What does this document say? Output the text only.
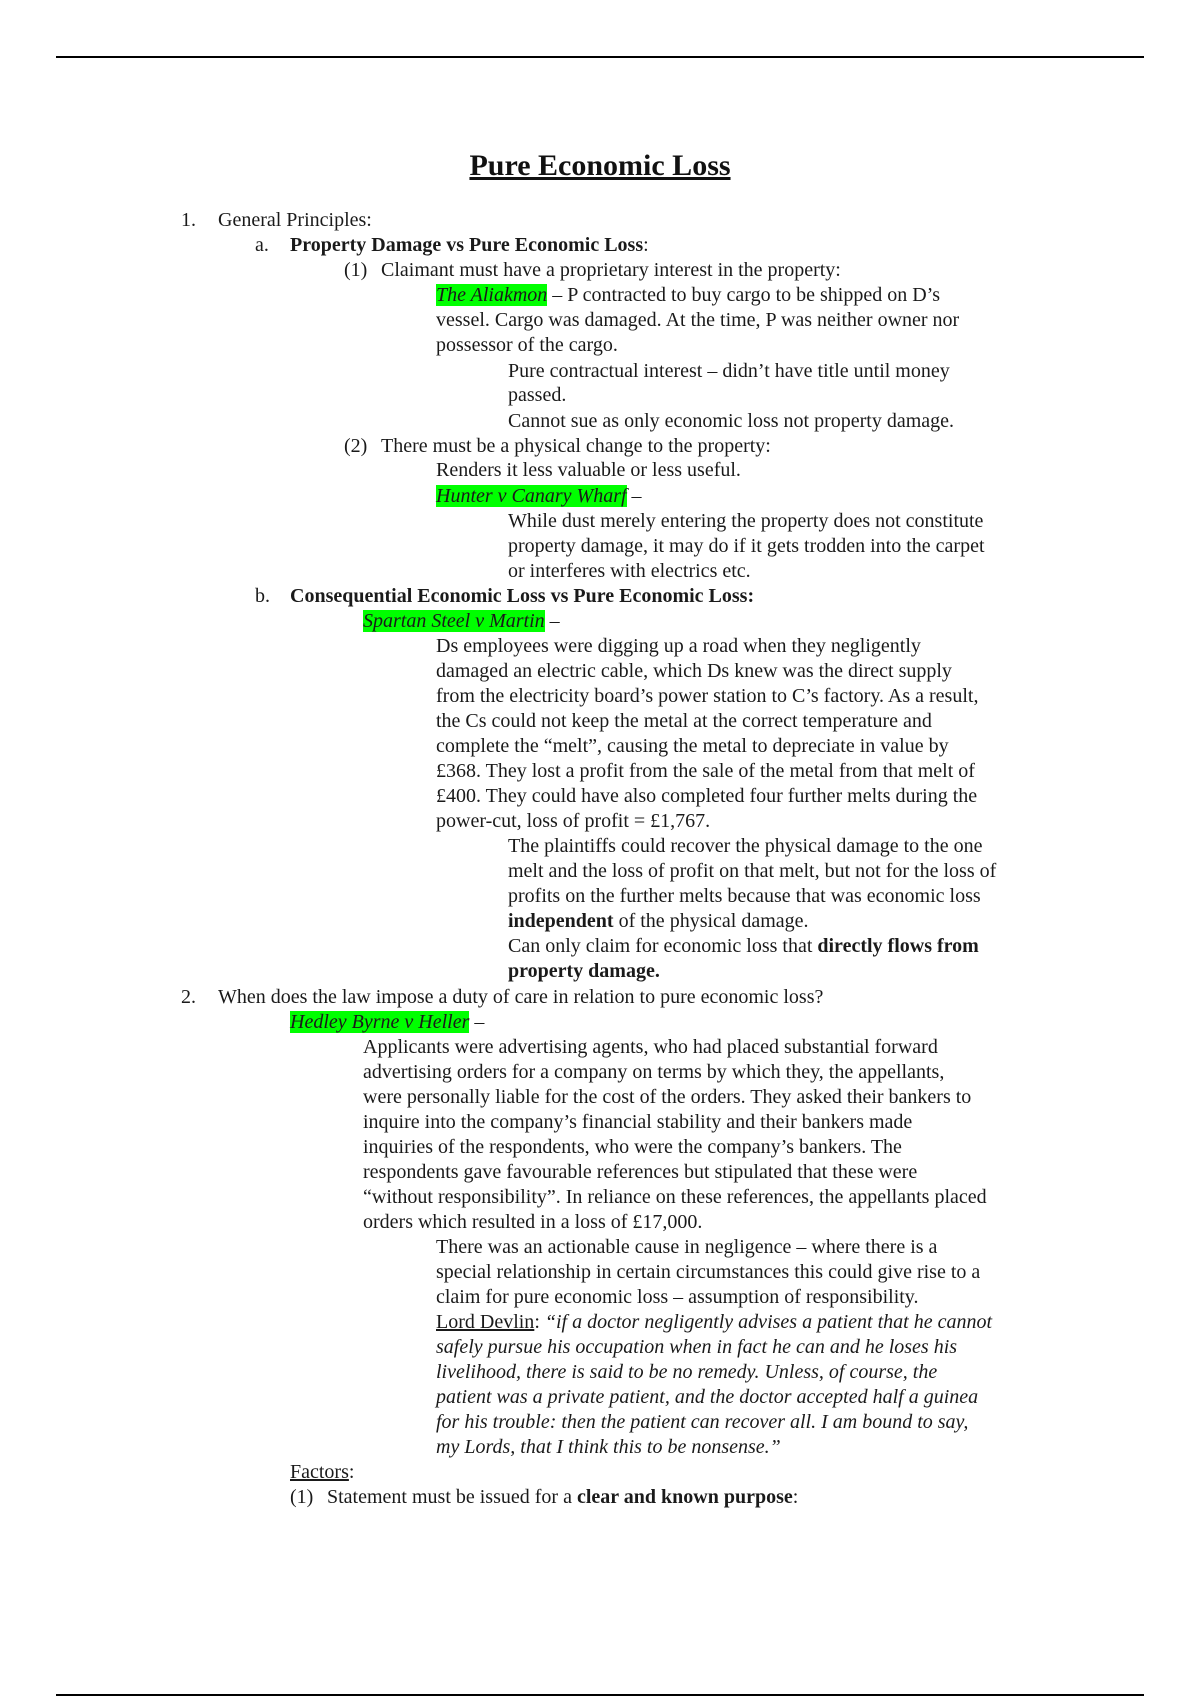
Pure Economic Loss
1. General Principles:
a. Property Damage vs Pure Economic Loss:
(1) Claimant must have a proprietary interest in the property:
The Aliakmon – P contracted to buy cargo to be shipped on D’s
vessel. Cargo was damaged. At the time, P was neither owner nor
possessor of the cargo.
Pure contractual interest – didn’t have title until money
passed.
Cannot sue as only economic loss not property damage.
(2) There must be a physical change to the property:
Renders it less valuable or less useful.
Hunter v Canary Wharf –
While dust merely entering the property does not constitute
property damage, it may do if it gets trodden into the carpet
or interferes with electrics etc.
b. Consequential Economic Loss vs Pure Economic Loss:
Spartan Steel v Martin –
Ds employees were digging up a road when they negligently
damaged an electric cable, which Ds knew was the direct supply
from the electricity board’s power station to C’s factory. As a result,
the Cs could not keep the metal at the correct temperature and
complete the “melt”, causing the metal to depreciate in value by
£368. They lost a profit from the sale of the metal from that melt of
£400. They could have also completed four further melts during the
power-cut, loss of profit = £1,767.
The plaintiffs could recover the physical damage to the one
melt and the loss of profit on that melt, but not for the loss of
profits on the further melts because that was economic loss
independent of the physical damage.
Can only claim for economic loss that directly flows from
property damage.
2. When does the law impose a duty of care in relation to pure economic loss?
Hedley Byrne v Heller –
Applicants were advertising agents, who had placed substantial forward
advertising orders for a company on terms by which they, the appellants,
were personally liable for the cost of the orders. They asked their bankers to
inquire into the company’s financial stability and their bankers made
inquiries of the respondents, who were the company’s bankers. The
respondents gave favourable references but stipulated that these were
“without responsibility”. In reliance on these references, the appellants placed
orders which resulted in a loss of £17,000.
There was an actionable cause in negligence – where there is a
special relationship in certain circumstances this could give rise to a
claim for pure economic loss – assumption of responsibility.
Lord Devlin: “if a doctor negligently advises a patient that he cannot
safely pursue his occupation when in fact he can and he loses his
livelihood, there is said to be no remedy. Unless, of course, the
patient was a private patient, and the doctor accepted half a guinea
for his trouble: then the patient can recover all. I am bound to say,
my Lords, that I think this to be nonsense.”
Factors:
(1) Statement must be issued for a clear and known purpose:
